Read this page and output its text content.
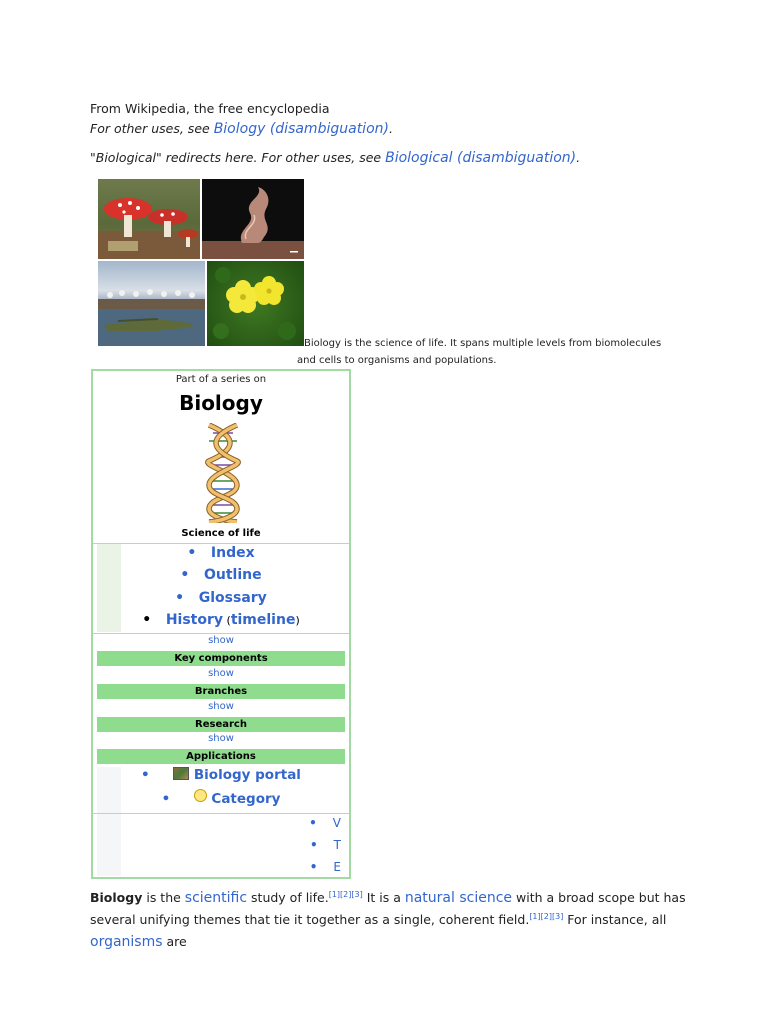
From Wikipedia, the free encyclopedia
For other uses, see Biology (disambiguation).
"Biological" redirects here. For other uses, see Biological (disambiguation).
Biology is the science of life. It spans multiple levels from biomolecules and cells to organisms and populations.
Part of a series on
Biology
Science of life
• Index
• Outline
• Glossary
• History (timeline)
show
Key components
show
Branches
show
Research
show
Applications
•	Biology portal
•	Category
• V
• T
• E
Biology is the scientific study of life.[1][2][3] It is a natural science with a broad scope but has several unifying themes that tie it together as a single, coherent field.[1][2][3] For instance, all organisms are
